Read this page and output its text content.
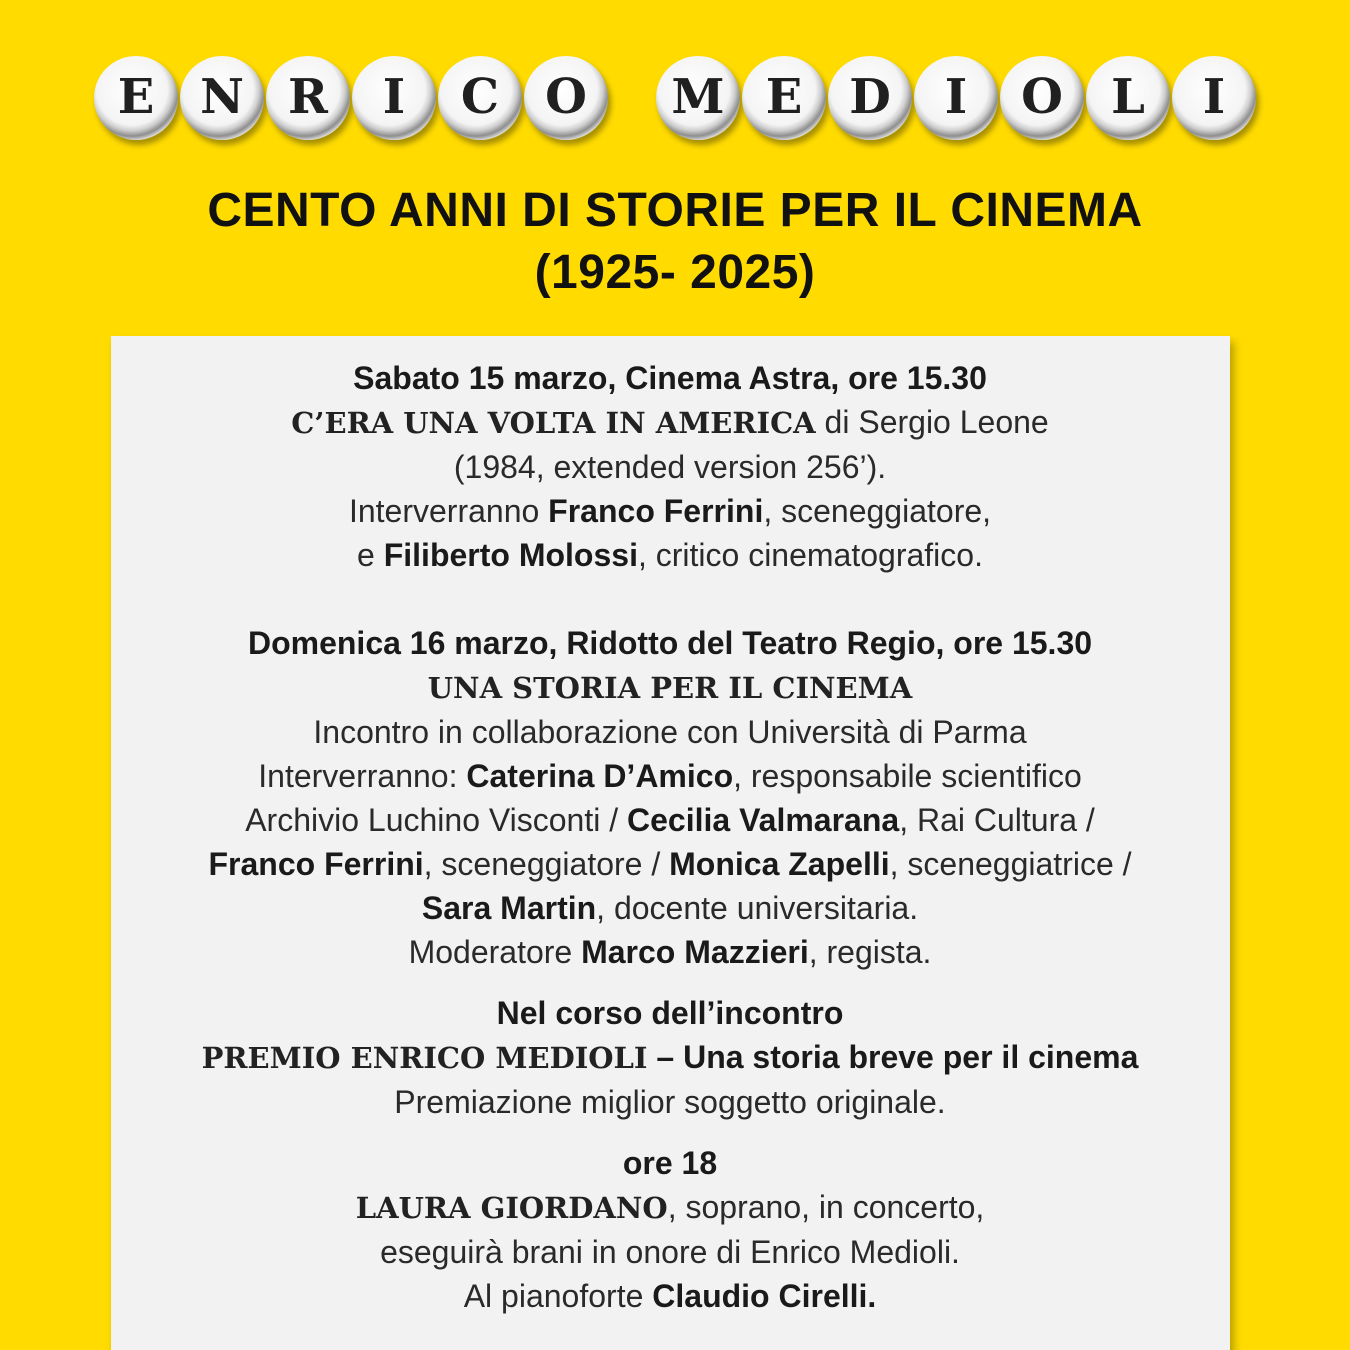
E N R I C O M E D I O L I
CENTO ANNI DI STORIE PER IL CINEMA
(1925- 2025)

Sabato 15 marzo, Cinema Astra, ore 15.30

C’ERA UNA VOLTA IN AMERICA di Sergio Leone

(1984, extended version 256’).

Interverranno Franco Ferrini, sceneggiatore,

e Filiberto Molossi, critico cinematografico.

Domenica 16 marzo, Ridotto del Teatro Regio, ore 15.30

UNA STORIA PER IL CINEMA

Incontro in collaborazione con Università di Parma

Interverranno: Caterina D’Amico, responsabile scientifico

Archivio Luchino Visconti / Cecilia Valmarana, Rai Cultura /

Franco Ferrini, sceneggiatore / Monica Zapelli, sceneggiatrice /

Sara Martin, docente universitaria.

Moderatore Marco Mazzieri, regista.

Nel corso dell’incontro

PREMIO ENRICO MEDIOLI – Una storia breve per il cinema

Premiazione miglior soggetto originale.

ore 18

LAURA GIORDANO, soprano, in concerto,

eseguirà brani in onore di Enrico Medioli.

Al pianoforte Claudio Cirelli.
